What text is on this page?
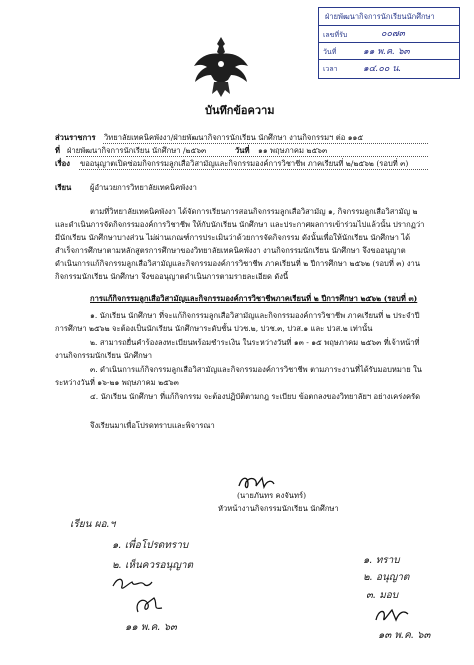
ฝ่ายพัฒนากิจการนักเรียนนักศึกษา
เลขที่รับ	๐๐๗๓
วันที่	๑๑ พ.ค. ๖๓
เวลา	๑๔.๐๐ น.
บันทึกข้อความ
ส่วนราชการ วิทยาลัยเทคนิคพังงา/ฝ่ายพัฒนากิจการนักเรียน นักศึกษา งานกิจกรรมฯ ต่อ ๑๑๕
ที่ ฝ่ายพัฒนากิจการนักเรียน นักศึกษา /๒๕๖๓	วันที่ ๑๑ พฤษภาคม ๒๕๖๓
เรื่อง ขออนุญาตเปิดซ่อมกิจกรรมลูกเสือวิสามัญและกิจกรรมองค์การวิชาชีพ ภาคเรียนที่ ๒/๒๕๖๒ (รอบที่ ๓)
เรียน ผู้อำนวยการวิทยาลัยเทคนิคพังงา
ตามที่วิทยาลัยเทคนิคพังงา ได้จัดการเรียนการสอนกิจกรรมลูกเสือวิสามัญ ๑, กิจกรรมลูกเสือวิสามัญ ๒
และดำเนินการจัดกิจกรรมองค์การวิชาชีพ ให้กับนักเรียน นักศึกษา และประกาศผลการเข้าร่วมไปแล้วนั้น ปรากฏว่า
มีนักเรียน นักศึกษาบางส่วน ไม่ผ่านเกณฑ์การประเมินว่าด้วยการจัดกิจกรรม ดังนั้นเพื่อให้นักเรียน นักศึกษา ได้
สำเร็จการศึกษาตามหลักสูตรการศึกษาของวิทยาลัยเทคนิคพังงา งานกิจกรรมนักเรียน นักศึกษา จึงขออนุญาต
ดำเนินการแก้กิจกรรมลูกเสือวิสามัญและกิจกรรมองค์การวิชาชีพ ภาคเรียนที่ ๒ ปีการศึกษา ๒๕๖๒ (รอบที่ ๓) งาน
กิจกรรมนักเรียน นักศึกษา จึงขออนุญาตดำเนินการตามรายละเอียด ดังนี้
การแก้กิจกรรมลูกเสือวิสามัญและกิจกรรมองค์การวิชาชีพภาคเรียนที่ ๒ ปีการศึกษา ๒๕๖๒ (รอบที่ ๓)
๑. นักเรียน นักศึกษา ที่จะแก้กิจกรรมลูกเสือวิสามัญและกิจกรรมองค์การวิชาชีพ ภาคเรียนที่ ๒ ประจำปี
การศึกษา ๒๕๖๒ จะต้องเป็นนักเรียน นักศึกษาระดับชั้น ปวช.๒, ปวช.๓, ปวส.๑ และ ปวส.๒ เท่านั้น
๒. สามารถยื่นคำร้องลงทะเบียนพร้อมชำระเงิน ในระหว่างวันที่ ๑๓ - ๑๕ พฤษภาคม ๒๕๖๓ ที่เจ้าหน้าที่
งานกิจกรรมนักเรียน นักศึกษา
๓. ดำเนินการแก้กิจกรรมลูกเสือวิสามัญและกิจกรรมองค์การวิชาชีพ ตามภาระงานที่ได้รับมอบหมาย ใน
ระหว่างวันที่ ๑๖-๒๑ พฤษภาคม ๒๕๖๓
๔. นักเรียน นักศึกษา ที่แก้กิจกรรม จะต้องปฏิบัติตามกฎ ระเบียบ ข้อตกลงของวิทยาลัยฯ อย่างเคร่งครัด
จึงเรียนมาเพื่อโปรดทราบและพิจารณา
(นายภันทร คงจันทร์)
หัวหน้างานกิจกรรมนักเรียน นักศึกษา
เรียน ผอ.ฯ
๑. เพื่อโปรดทราบ
๒. เห็นควรอนุญาต
๑๑ พ.ค. ๖๓
๑. ทราบ
๒. อนุญาต
๓. มอบ
๑๓ พ.ค. ๖๓
